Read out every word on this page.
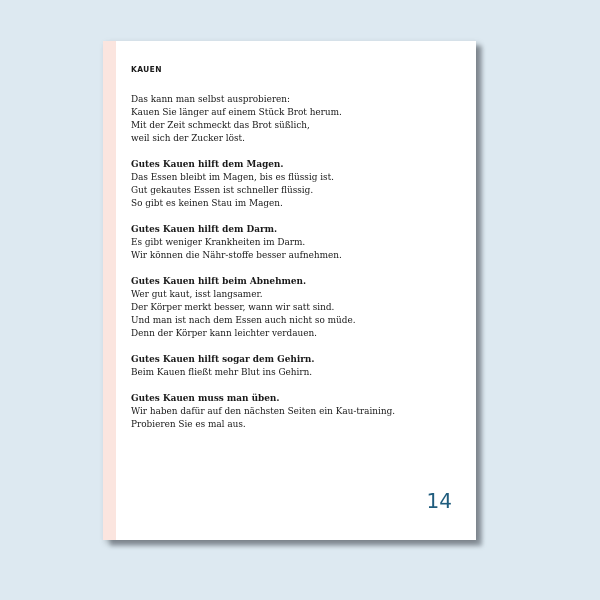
KAUEN
Das kann man selbst ausprobieren:
Kauen Sie länger auf einem Stück Brot herum.
Mit der Zeit schmeckt das Brot süßlich,
weil sich der Zucker löst.
Gutes Kauen hilft dem Magen.
Das Essen bleibt im Magen, bis es flüssig ist.
Gut gekautes Essen ist schneller flüssig.
So gibt es keinen Stau im Magen.
Gutes Kauen hilft dem Darm.
Es gibt weniger Krankheiten im Darm.
Wir können die Nähr-stoffe besser aufnehmen.
Gutes Kauen hilft beim Abnehmen.
Wer gut kaut, isst langsamer.
Der Körper merkt besser, wann wir satt sind.
Und man ist nach dem Essen auch nicht so müde.
Denn der Körper kann leichter verdauen.
Gutes Kauen hilft sogar dem Gehirn.
Beim Kauen fließt mehr Blut ins Gehirn.
Gutes Kauen muss man üben.
Wir haben dafür auf den nächsten Seiten ein Kau-training.
Probieren Sie es mal aus.
14
